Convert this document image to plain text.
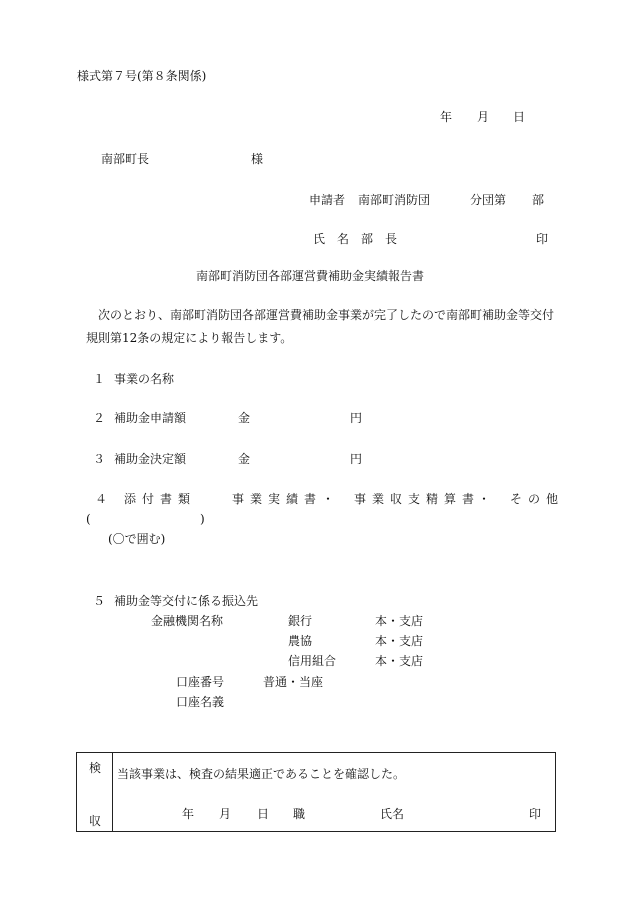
様式第７号(第８条関係)
年 月 日
南部町長	様
申請者 南部町消防団	分団第 部
氏　名　部　長	印
南部町消防団各部運営費補助金実績報告書
次のとおり、南部町消防団各部運営費補助金事業が完了したので南部町補助金等交付規則第12条の規定により報告します。
１ 事業の名称
２ 補助金申請額	金	円
３ 補助金決定額	金	円
４ 添付書類	事業実績書 ・ 事業収支精算書
・ その他
(	)
(〇で囲む)
５ 補助金等交付に係る振込先
金融機関名称	銀行	本・支店
農協	本・支店
信用組合	本・支店
口座番号	普通・当座
口座名義
検
収
当該事業は、検査の結果適正であることを確認した。
年 月 日 職	氏名	印
